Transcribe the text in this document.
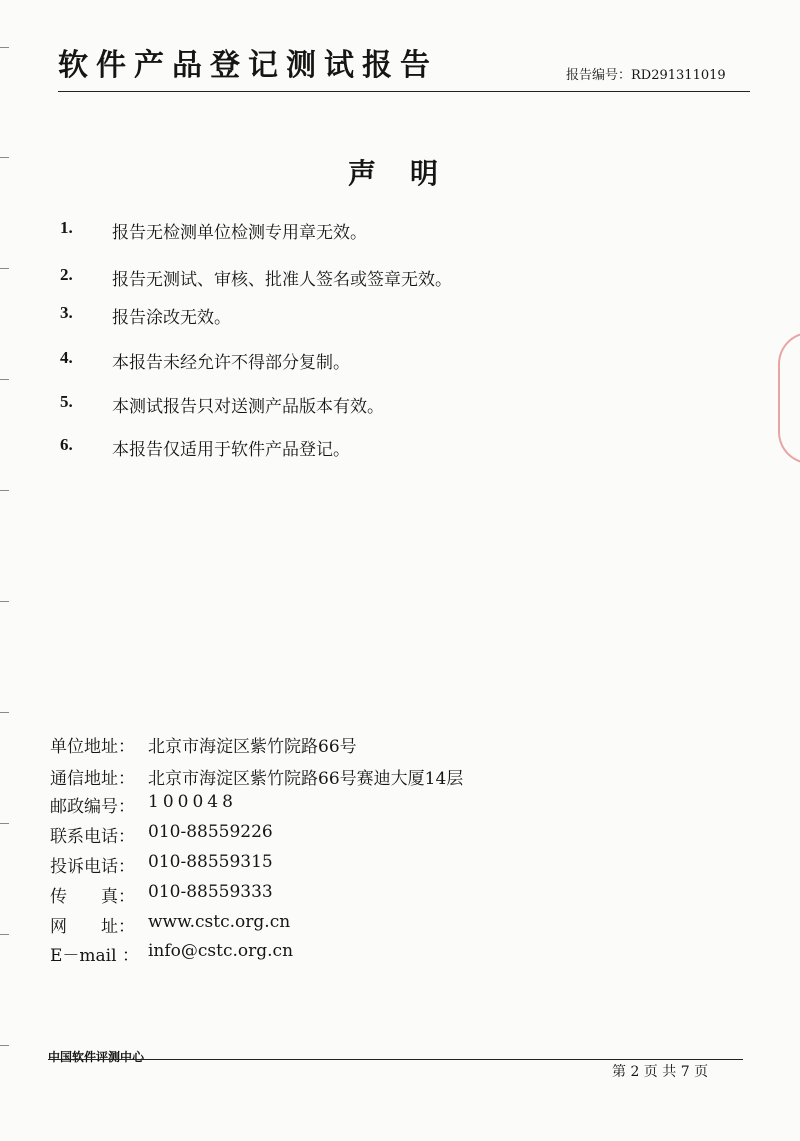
软件产品登记测试报告	报告编号：RD291311019
声明
1. 报告无检测单位检测专用章无效。
2. 报告无测试、审核、批准人签名或签章无效。
3. 报告涂改无效。
4. 本报告未经允许不得部分复制。
5. 本测试报告只对送测产品版本有效。
6. 本报告仅适用于软件产品登记。
单位地址： 北京市海淀区紫竹院路66号
通信地址： 北京市海淀区紫竹院路66号赛迪大厦14层
邮政编号： 100048
联系电话： 010-88559226
投诉电话： 010-88559315
传　　真： 010-88559333
网　　址： www.cstc.org.cn
E－mail ： info@cstc.org.cn
中国软件评测中心
第 2 页 共 7 页
